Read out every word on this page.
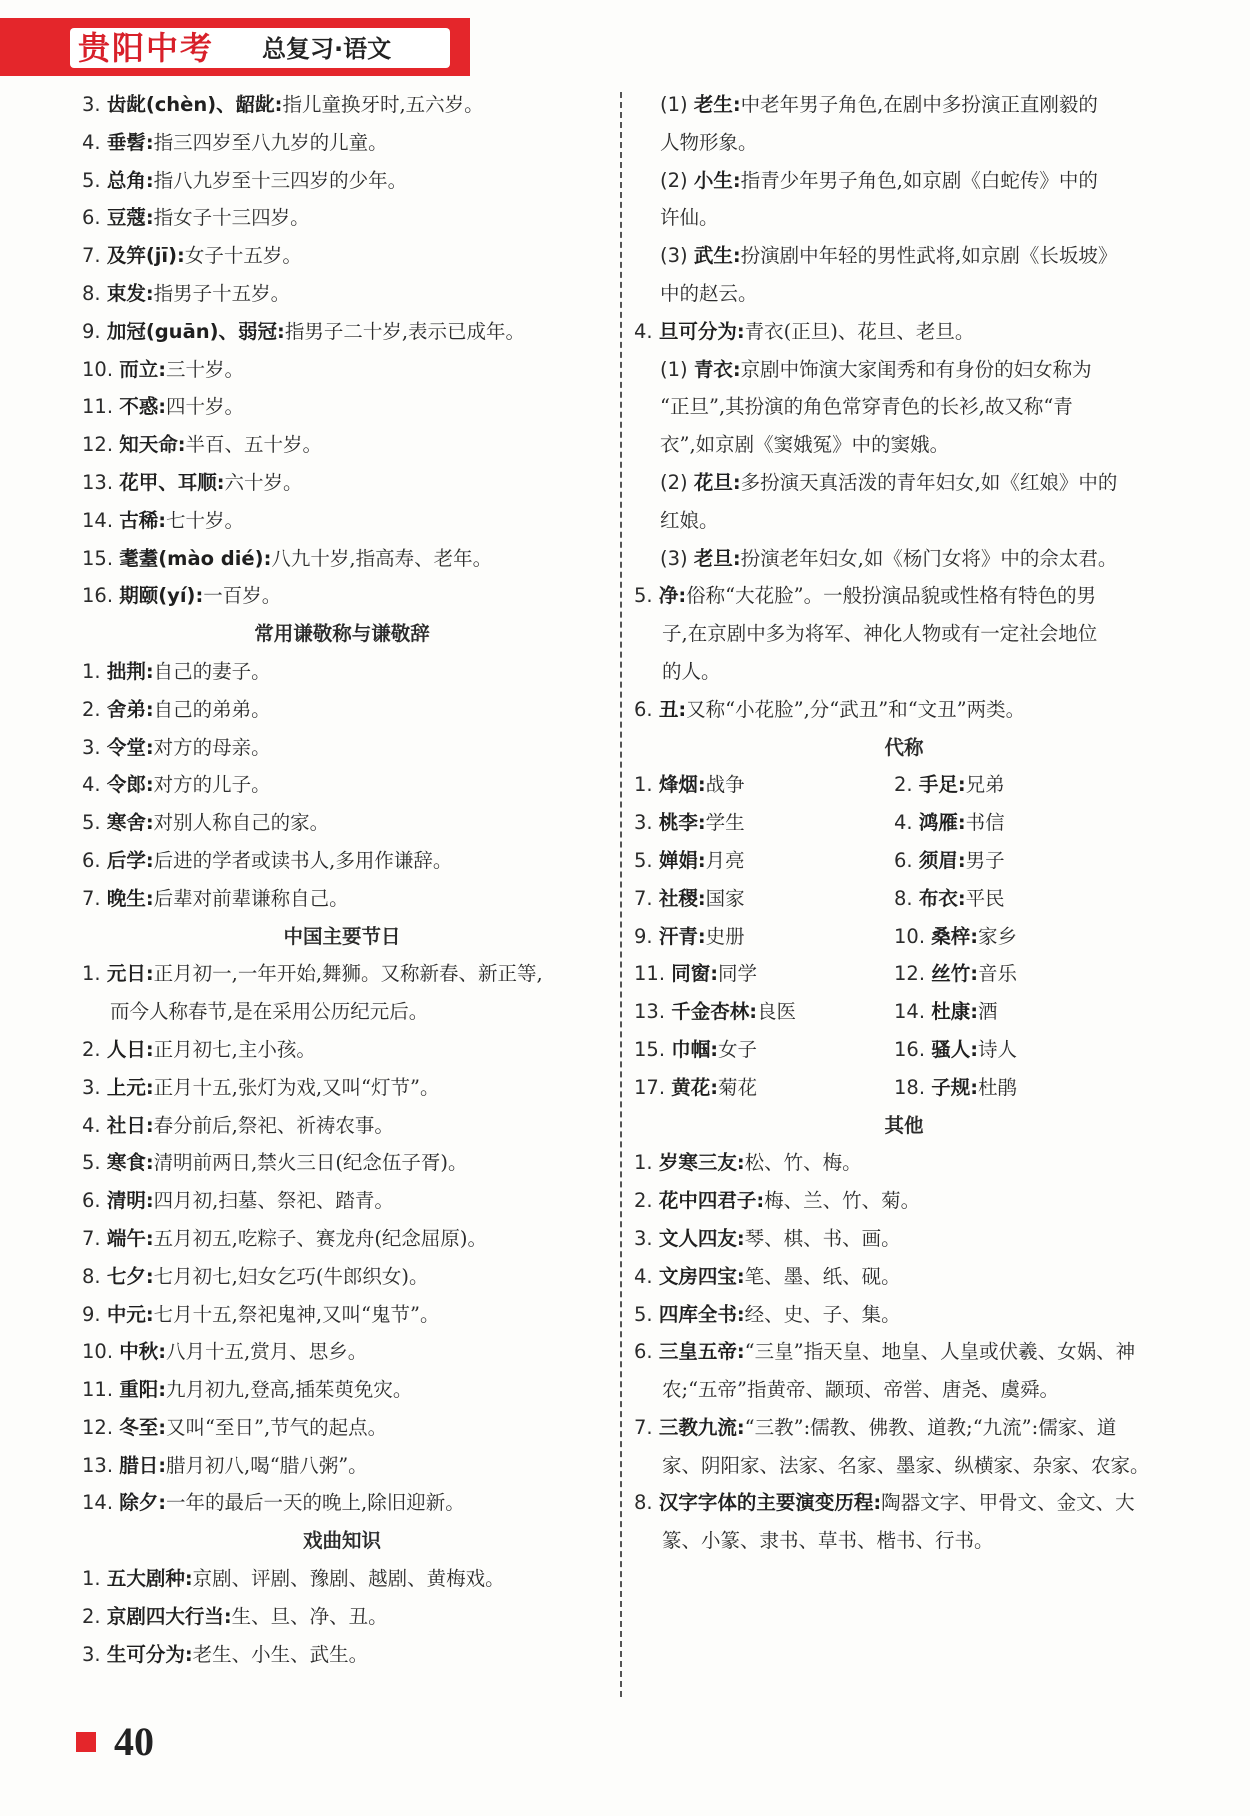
贵阳中考 总复习·语文
3. 齿龀(chèn)、龆龀:指儿童换牙时,五六岁。
4. 垂髫:指三四岁至八九岁的儿童。
5. 总角:指八九岁至十三四岁的少年。
6. 豆蔻:指女子十三四岁。
7. 及笄(jī):女子十五岁。
8. 束发:指男子十五岁。
9. 加冠(guān)、弱冠:指男子二十岁,表示已成年。
10. 而立:三十岁。
11. 不惑:四十岁。
12. 知天命:半百、五十岁。
13. 花甲、耳顺:六十岁。
14. 古稀:七十岁。
15. 耄耋(mào dié):八九十岁,指高寿、老年。
16. 期颐(yí):一百岁。
常用谦敬称与谦敬辞
1. 拙荆:自己的妻子。
2. 舍弟:自己的弟弟。
3. 令堂:对方的母亲。
4. 令郎:对方的儿子。
5. 寒舍:对别人称自己的家。
6. 后学:后进的学者或读书人,多用作谦辞。
7. 晚生:后辈对前辈谦称自己。
中国主要节日
1. 元日:正月初一,一年开始,舞狮。又称新春、新正等,
而今人称春节,是在采用公历纪元后。
2. 人日:正月初七,主小孩。
3. 上元:正月十五,张灯为戏,又叫“灯节”。
4. 社日:春分前后,祭祀、祈祷农事。
5. 寒食:清明前两日,禁火三日(纪念伍子胥)。
6. 清明:四月初,扫墓、祭祀、踏青。
7. 端午:五月初五,吃粽子、赛龙舟(纪念屈原)。
8. 七夕:七月初七,妇女乞巧(牛郎织女)。
9. 中元:七月十五,祭祀鬼神,又叫“鬼节”。
10. 中秋:八月十五,赏月、思乡。
11. 重阳:九月初九,登高,插茱萸免灾。
12. 冬至:又叫“至日”,节气的起点。
13. 腊日:腊月初八,喝“腊八粥”。
14. 除夕:一年的最后一天的晚上,除旧迎新。
戏曲知识
1. 五大剧种:京剧、评剧、豫剧、越剧、黄梅戏。
2. 京剧四大行当:生、旦、净、丑。
3. 生可分为:老生、小生、武生。
(1) 老生:中老年男子角色,在剧中多扮演正直刚毅的
人物形象。
(2) 小生:指青少年男子角色,如京剧《白蛇传》中的
许仙。
(3) 武生:扮演剧中年轻的男性武将,如京剧《长坂坡》
中的赵云。
4. 旦可分为:青衣(正旦)、花旦、老旦。
(1) 青衣:京剧中饰演大家闺秀和有身份的妇女称为
“正旦”,其扮演的角色常穿青色的长衫,故又称“青
衣”,如京剧《窦娥冤》中的窦娥。
(2) 花旦:多扮演天真活泼的青年妇女,如《红娘》中的
红娘。
(3) 老旦:扮演老年妇女,如《杨门女将》中的佘太君。
5. 净:俗称“大花脸”。一般扮演品貌或性格有特色的男
子,在京剧中多为将军、神化人物或有一定社会地位
的人。
6. 丑:又称“小花脸”,分“武丑”和“文丑”两类。
代称
1. 烽烟:战争	2. 手足:兄弟
3. 桃李:学生	4. 鸿雁:书信
5. 婵娟:月亮	6. 须眉:男子
7. 社稷:国家	8. 布衣:平民
9. 汗青:史册	10. 桑梓:家乡
11. 同窗:同学	12. 丝竹:音乐
13. 千金杏林:良医	14. 杜康:酒
15. 巾帼:女子	16. 骚人:诗人
17. 黄花:菊花	18. 子规:杜鹃
其他
1. 岁寒三友:松、竹、梅。
2. 花中四君子:梅、兰、竹、菊。
3. 文人四友:琴、棋、书、画。
4. 文房四宝:笔、墨、纸、砚。
5. 四库全书:经、史、子、集。
6. 三皇五帝:“三皇”指天皇、地皇、人皇或伏羲、女娲、神
农;“五帝”指黄帝、颛顼、帝喾、唐尧、虞舜。
7. 三教九流:“三教”:儒教、佛教、道教;“九流”:儒家、道
家、阴阳家、法家、名家、墨家、纵横家、杂家、农家。
8. 汉字字体的主要演变历程:陶器文字、甲骨文、金文、大
篆、小篆、隶书、草书、楷书、行书。
40
